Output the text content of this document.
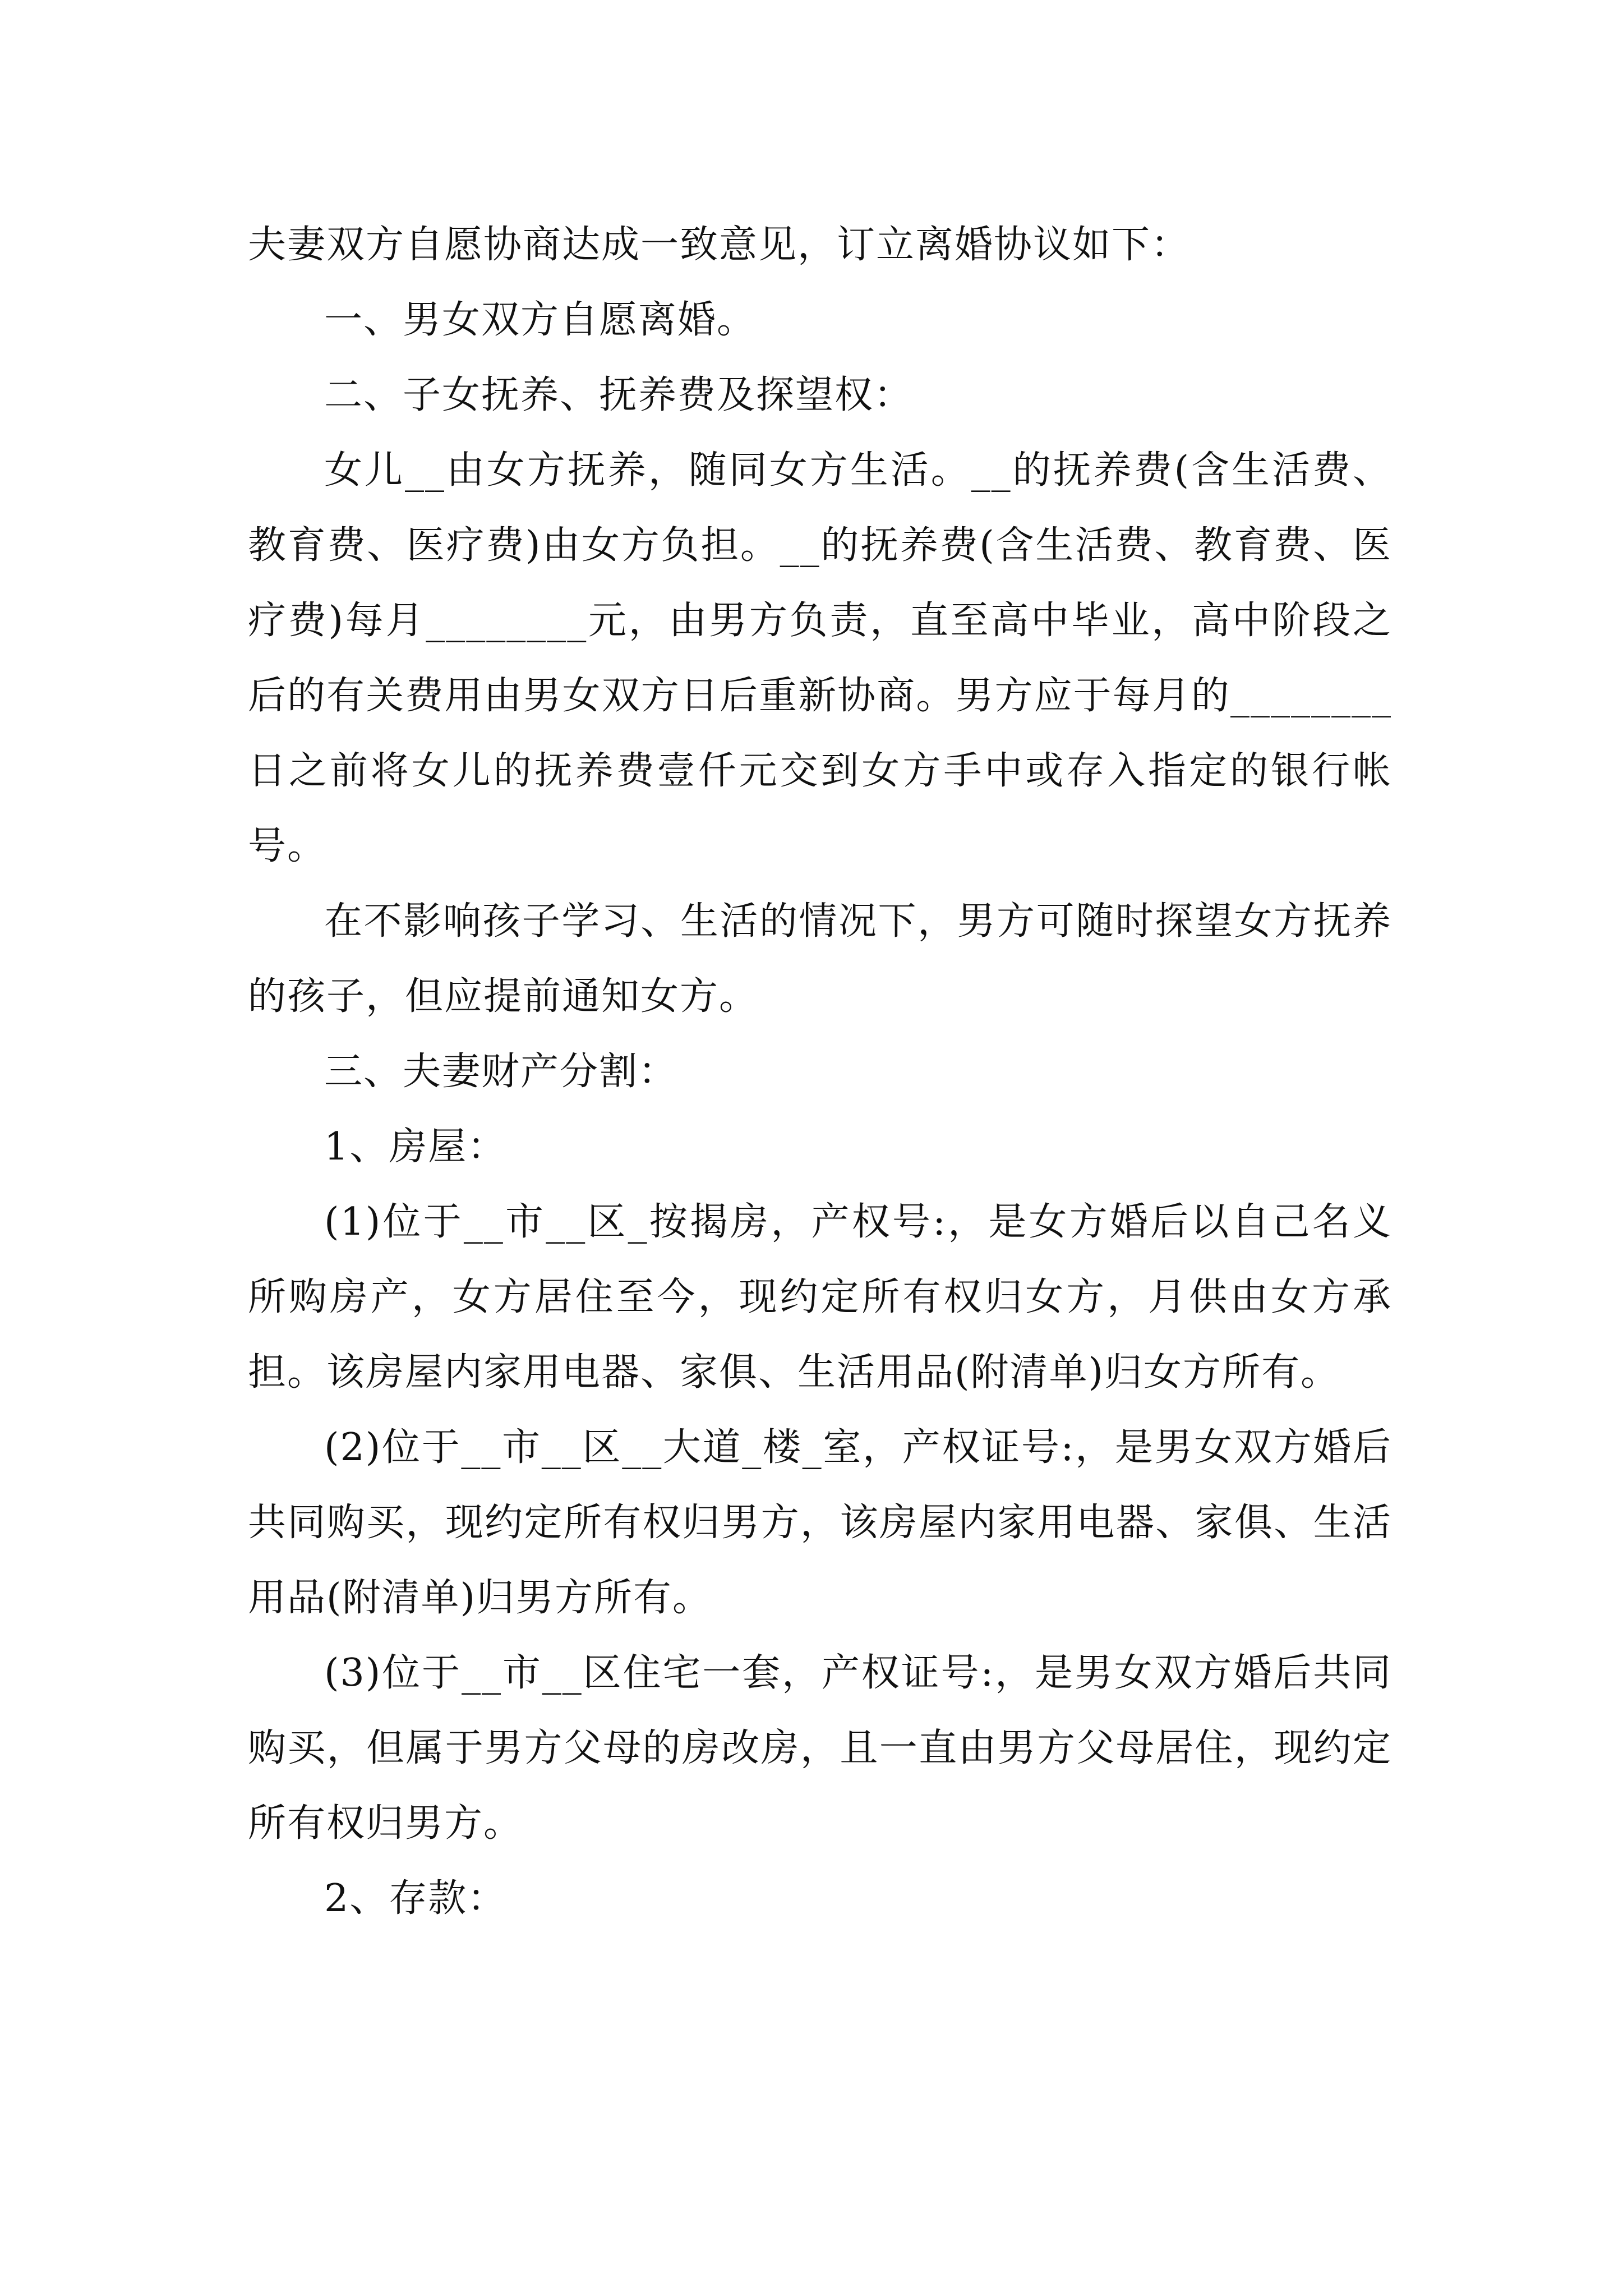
夫妻双方自愿协商达成一致意见，订立离婚协议如下：

一、男女双方自愿离婚。

二、子女抚养、抚养费及探望权：

女儿__由女方抚养，随同女方生活。__的抚养费(含生活费、教育费、医疗费)由女方负担。__的抚养费(含生活费、教育费、医疗费)每月________元，由男方负责，直至高中毕业，高中阶段之后的有关费用由男女双方日后重新协商。男方应于每月的________日之前将女儿的抚养费壹仟元交到女方手中或存入指定的银行帐号。

在不影响孩子学习、生活的情况下，男方可随时探望女方抚养的孩子，但应提前通知女方。

三、夫妻财产分割：

1、房屋：

(1)位于__市__区_按揭房，产权号:，是女方婚后以自己名义所购房产，女方居住至今，现约定所有权归女方，月供由女方承担。该房屋内家用电器、家俱、生活用品(附清单)归女方所有。

(2)位于__市__区__大道_楼_室，产权证号:，是男女双方婚后共同购买，现约定所有权归男方，该房屋内家用电器、家俱、生活用品(附清单)归男方所有。

(3)位于__市__区住宅一套，产权证号:，是男女双方婚后共同购买，但属于男方父母的房改房，且一直由男方父母居住，现约定所有权归男方。

2、存款：
